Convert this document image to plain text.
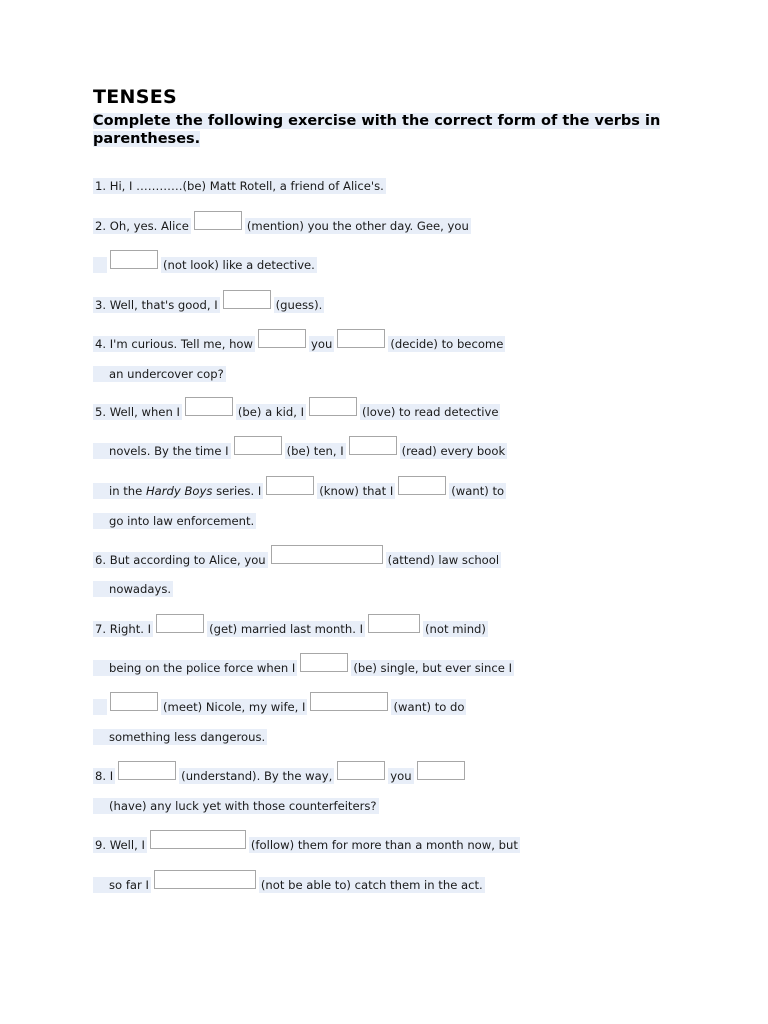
TENSES

Complete the following exercise with the correct form of the verbs in parentheses.

1. Hi, I …………(be) Matt Rotell, a friend of Alice's.
2. Oh, yes. Alice	(mention) you the other day. Gee, you

(not look) like a detective.
3. Well, that's good, I	(guess).
4. I'm curious. Tell me, how	you	(decide) to become

an undercover cop?
5. Well, when I	(be) a kid, I	(love) to read detective

novels. By the time I	(be) ten, I	(read) every book

in the Hardy Boys series. I	(know) that I	(want) to

go into law enforcement.
6. But according to Alice, you	(attend) law school

nowadays.
7. Right. I	(get) married last month. I	(not mind)

being on the police force when I	(be) single, but ever since I

(meet) Nicole, my wife, I	(want) to do

something less dangerous.
8. I	(understand). By the way,	you

(have) any luck yet with those counterfeiters?
9. Well, I	(follow) them for more than a month now, but

so far I	(not be able to) catch them in the act.
